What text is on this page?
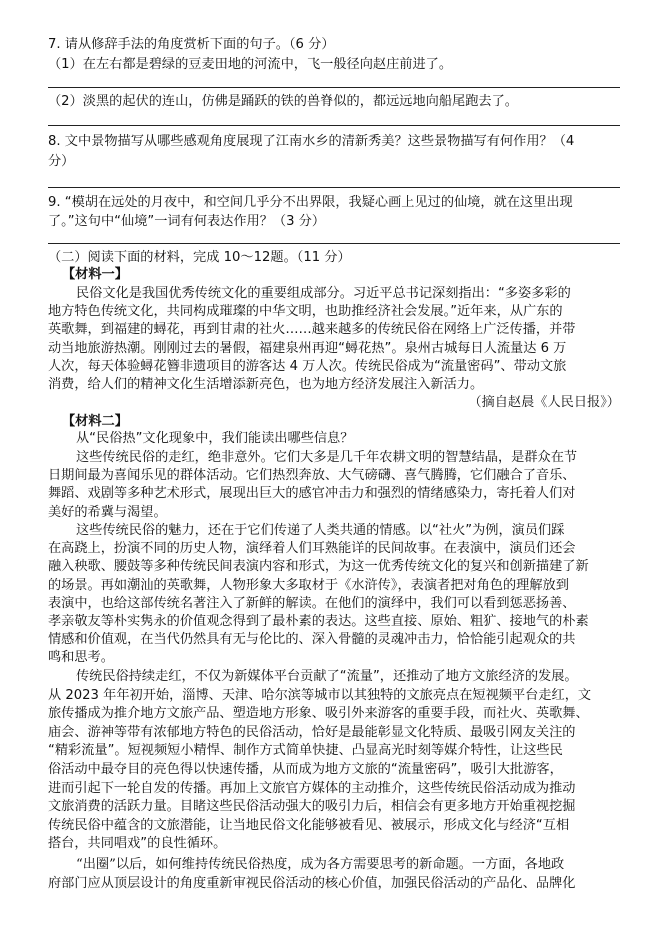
7. 请从修辞手法的角度赏析下面的句子。（6 分）
（1）在左右都是碧绿的豆麦田地的河流中，飞一般径向赵庄前进了。
（2）淡黑的起伏的连山，仿佛是踊跃的铁的兽脊似的，都远远地向船尾跑去了。
8. 文中景物描写从哪些感观角度展现了江南水乡的清新秀美？这些景物描写有何作用？（4
分）
9. “模胡在远处的月夜中，和空间几乎分不出界限，我疑心画上见过的仙境，就在这里出现
了。”这句中“仙境”一词有何表达作用？（3 分）
（二）阅读下面的材料，完成 10～12题。（11 分）
【材料一】
民俗文化是我国优秀传统文化的重要组成部分。习近平总书记深刻指出：“多姿多彩的
地方特色传统文化，共同构成璀璨的中华文明，也助推经济社会发展。”近年来，从广东的
英歌舞，到福建的蟳花，再到甘肃的社火……越来越多的传统民俗在网络上广泛传播，并带
动当地旅游热潮。刚刚过去的暑假，福建泉州再迎“蟳花热”。泉州古城每日人流量达 6 万
人次，每天体验蟳花簪非遗项目的游客达 4 万人次。传统民俗成为“流量密码”、带动文旅
消费，给人们的精神文化生活增添新亮色，也为地方经济发展注入新活力。
（摘自赵晨《人民日报》）
【材料二】
从“民俗热”文化现象中，我们能读出哪些信息？
这些传统民俗的走红，绝非意外。它们大多是几千年农耕文明的智慧结晶，是群众在节
日期间最为喜闻乐见的群体活动。它们热烈奔放、大气磅礴、喜气腾腾，它们融合了音乐、
舞蹈、戏剧等多种艺术形式，展现出巨大的感官冲击力和强烈的情绪感染力，寄托着人们对
美好的希冀与渴望。
这些传统民俗的魅力，还在于它们传递了人类共通的情感。以“社火”为例，演员们踩
在高跷上，扮演不同的历史人物，演绎着人们耳熟能详的民间故事。在表演中，演员们还会
融入秧歌、腰鼓等多种传统民间表演内容和形式，为这一优秀传统文化的复兴和创新描建了新
的场景。再如潮汕的英歌舞，人物形象大多取材于《水浒传》，表演者把对角色的理解放到
表演中，也给这部传统名著注入了新鲜的解读。在他们的演绎中，我们可以看到惩恶扬善、
孝亲敬友等朴实隽永的价值观念得到了最朴素的表达。这些直接、原始、粗犷、接地气的朴素
情感和价值观，在当代仍然具有无与伦比的、深入骨髓的灵魂冲击力，恰恰能引起观众的共
鸣和思考。
传统民俗持续走红，不仅为新媒体平台贡献了“流量”，还推动了地方文旅经济的发展。
从 2023 年年初开始，淄博、天津、哈尔滨等城市以其独特的文旅亮点在短视频平台走红，文
旅传播成为推介地方文旅产品、塑造地方形象、吸引外来游客的重要手段，而社火、英歌舞、
庙会、游神等带有浓郁地方特色的民俗活动，恰好是最能彰显文化特质、最吸引网友关注的
“精彩流量”。短视频短小精悍、制作方式简单快捷、凸显高光时刻等媒介特性，让这些民
俗活动中最夺目的亮色得以快速传播，从而成为地方文旅的“流量密码”，吸引大批游客，
进而引起下一轮自发的传播。再加上文旅官方媒体的主动推介，这些传统民俗活动成为推动
文旅消费的活跃力量。目睹这些民俗活动强大的吸引力后，相信会有更多地方开始重视挖掘
传统民俗中蕴含的文旅潜能，让当地民俗文化能够被看见、被展示，形成文化与经济“互相
搭台，共同唱戏”的良性循环。
“出圈”以后，如何维持传统民俗热度，成为各方需要思考的新命题。一方面，各地政
府部门应从顶层设计的角度重新审视民俗活动的核心价值，加强民俗活动的产品化、品牌化
